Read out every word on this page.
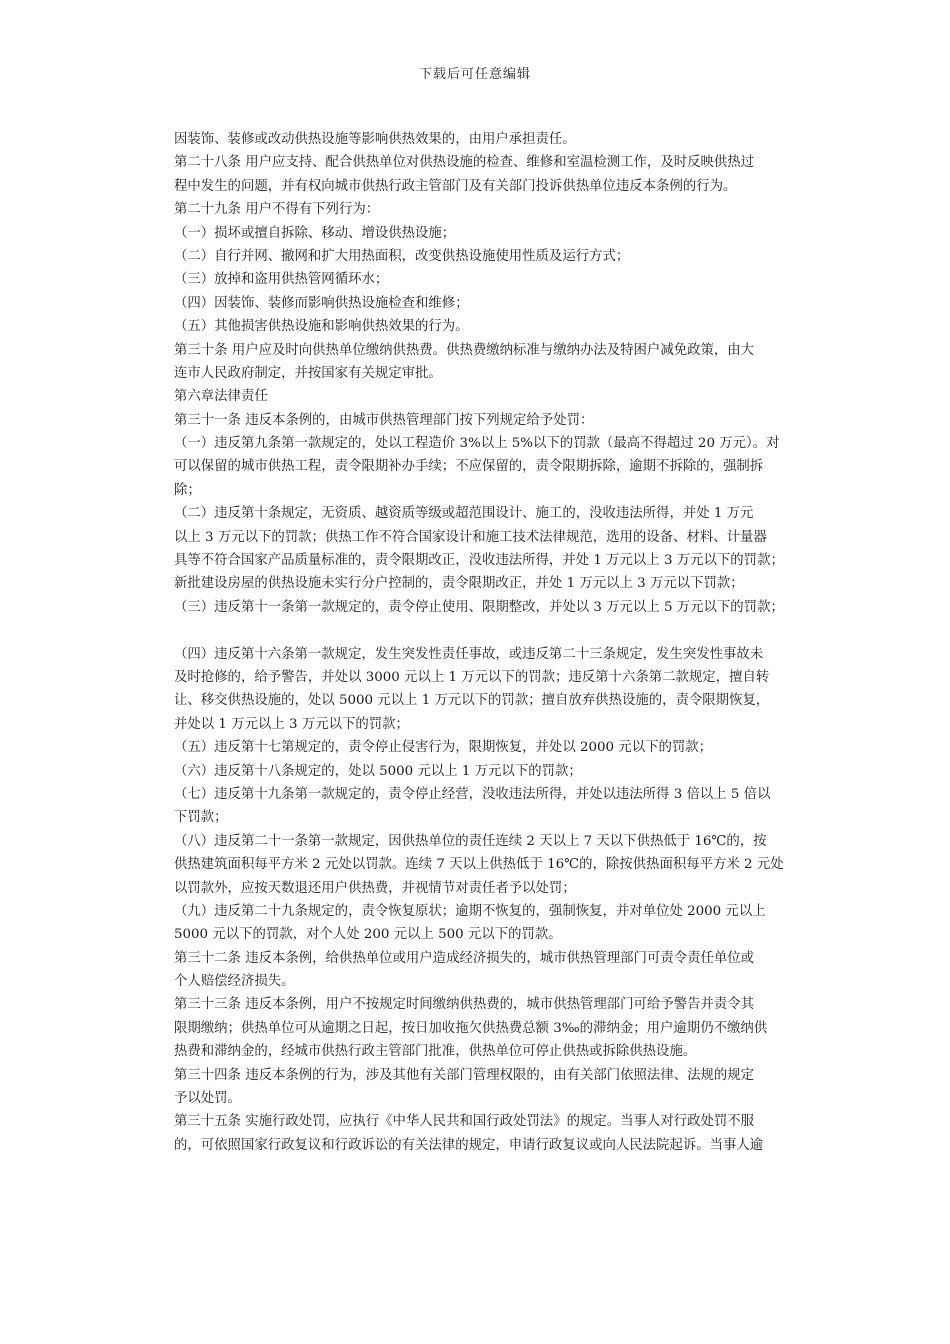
下载后可任意编辑
因装饰、装修或改动供热设施等影响供热效果的，由用户承担责任。
第二十八条 用户应支持、配合供热单位对供热设施的检查、维修和室温检测工作，及时反映供热过
程中发生的问题，并有权向城市供热行政主管部门及有关部门投诉供热单位违反本条例的行为。
第二十九条 用户不得有下列行为：
（一）损坏或擅自拆除、移动、增设供热设施；
（二）自行并网、撤网和扩大用热面积，改变供热设施使用性质及运行方式；
（三）放掉和盗用供热管网循环水；
（四）因装饰、装修而影响供热设施检查和维修；
（五）其他损害供热设施和影响供热效果的行为。
第三十条 用户应及时向供热单位缴纳供热费。供热费缴纳标准与缴纳办法及特困户减免政策，由大
连市人民政府制定，并按国家有关规定审批。
第六章法律责任
第三十一条 违反本条例的，由城市供热管理部门按下列规定给予处罚：
（一）违反第九条第一款规定的，处以工程造价 3%以上 5%以下的罚款（最高不得超过 20 万元）。对
可以保留的城市供热工程，责令限期补办手续；不应保留的，责令限期拆除，逾期不拆除的，强制拆
除；
（二）违反第十条规定，无资质、越资质等级或超范围设计、施工的，没收违法所得，并处 1 万元
以上 3 万元以下的罚款；供热工作不符合国家设计和施工技术法律规范，选用的设备、材料、计量器
具等不符合国家产品质量标准的，责令限期改正，没收违法所得，并处 1 万元以上 3 万元以下的罚款；
新批建设房屋的供热设施未实行分户控制的，责令限期改正，并处 1 万元以上 3 万元以下罚款；
（三）违反第十一条第一款规定的，责令停止使用、限期整改，并处以 3 万元以上 5 万元以下的罚款；
（四）违反第十六条第一款规定，发生突发性责任事故，或违反第二十三条规定，发生突发性事故未
及时抢修的，给予警告，并处以 3000 元以上 1 万元以下的罚款；违反第十六条第二款规定，擅自转
让、移交供热设施的，处以 5000 元以上 1 万元以下的罚款；擅自放弃供热设施的，责令限期恢复，
并处以 1 万元以上 3 万元以下的罚款；
（五）违反第十七第规定的，责令停止侵害行为，限期恢复，并处以 2000 元以下的罚款；
（六）违反第十八条规定的，处以 5000 元以上 1 万元以下的罚款；
（七）违反第十九条第一款规定的，责令停止经营，没收违法所得，并处以违法所得 3 倍以上 5 倍以
下罚款；
（八）违反第二十一条第一款规定，因供热单位的责任连续 2 天以上 7 天以下供热低于 16℃的，按
供热建筑面积每平方米 2 元处以罚款。连续 7 天以上供热低于 16℃的，除按供热面积每平方米 2 元处
以罚款外，应按天数退还用户供热费，并视情节对责任者予以处罚；
（九）违反第二十九条规定的，责令恢复原状；逾期不恢复的，强制恢复，并对单位处 2000 元以上
5000 元以下的罚款，对个人处 200 元以上 500 元以下的罚款。
第三十二条 违反本条例，给供热单位或用户造成经济损失的，城市供热管理部门可责令责任单位或
个人赔偿经济损失。
第三十三条 违反本条例，用户不按规定时间缴纳供热费的，城市供热管理部门可给予警告并责令其
限期缴纳；供热单位可从逾期之日起，按日加收拖欠供热费总额 3‰的滞纳金；用户逾期仍不缴纳供
热费和滞纳金的，经城市供热行政主管部门批准，供热单位可停止供热或拆除供热设施。
第三十四条 违反本条例的行为，涉及其他有关部门管理权限的，由有关部门依照法律、法规的规定
予以处罚。
第三十五条 实施行政处罚，应执行《中华人民共和国行政处罚法》的规定。当事人对行政处罚不服
的，可依照国家行政复议和行政诉讼的有关法律的规定，申请行政复议或向人民法院起诉。当事人逾
